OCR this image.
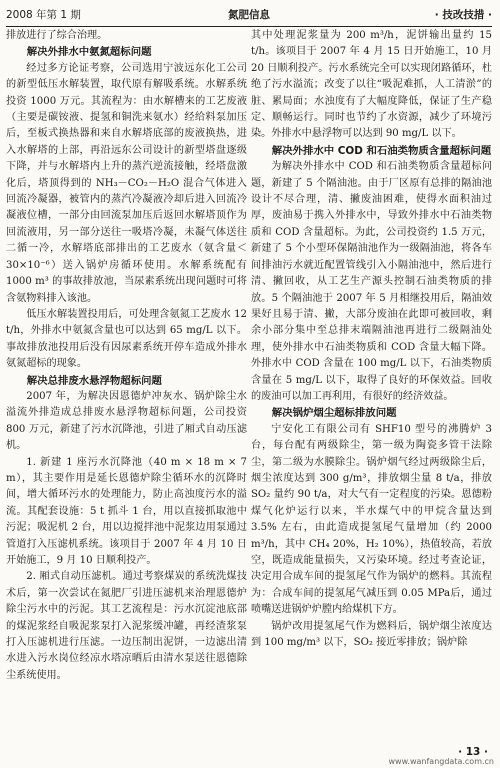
2008 年第 1 期	氮肥信息	· 技改技措 ·

排放进行了综合治理。

解决外排水中氨氮超标问题

经过多方论证考察，公司选用宁波远东化工公司的新型低压水解装置，取代原有解吸系统。水解系统投资 1000 万元。其流程为：由水解槽来的工艺废液（主要是碳铵液、提氢和铜洗来氨水）经给料泵加压后，至板式换热器和来自水解塔底部的废液换热，进入水解塔的上部，再沿远东公司设计的新型塔盘逐级下降，并与水解塔内上升的蒸汽逆流接触，经塔盘激化后，塔顶得到的 NH₃－CO₂－H₂O 混合气体进入回流冷凝器，被管内的蒸汽冷凝液冷却后进入回流冷凝液位槽，一部分由回流泵加压后返回水解塔顶作为回流液用，另一部分送往一吸塔冷凝，未凝气体送往二循一冷，水解塔底部排出的工艺废水（氨含量＜30×10⁻⁶）送入锅炉房循环使用。水解系统配有 1000 m³ 的事故排放池，当尿素系统出现问题时可将含氨物料排入该池。

低压水解装置投用后，可处理含氨氮工艺废水 12 t/h，外排水中氨氮含量也可以达到 65 mg/L 以下。事故排放池投用后没有因尿素系统开停车造成外排水氨氮超标的现象。

解决总排废水悬浮物超标问题

2007 年，为解决因恩德炉冲灰水、锅炉除尘水溢流外排造成总排废水悬浮物超标问题，公司投资 800 万元，新建了污水沉降池，引进了厢式自动压滤机。

1. 新建 1 座污水沉降池（40 m × 18 m × 7 m），其主要作用是延长恩德炉除尘循环水的沉降时间，增大循环污水的处理能力，防止高浊度污水的溢流。其配套设施：5 t 抓斗 1 台，用以直接抓取池中污泥；吸泥机 2 台，用以边搅拌池中泥浆边用泵通过管道打入压滤机系统。该项目于 2007 年 4 月 10 日开始施工，9 月 10 日顺利投产。

2. 厢式自动压滤机。通过考察煤炭的系统洗煤技术后，第一次尝试在氮肥厂引进压滤机来治理恩德炉除尘污水中的污泥。其工艺流程是：污水沉淀池底部的煤泥浆经自吸泥浆泵打入泥浆缓冲罐，再经渣浆泵打入压滤机进行压滤。一边压制出泥饼，一边滤出清水进入污水岗位经凉水塔凉晒后由清水泵送往恩德除尘系统使用。

其中处理泥浆量为 200 m³/h，泥饼输出量约 15 t/h。该项目于 2007 年 4 月 15 日开始施工，10 月 20 日顺利投产。污水系统完全可以实现闭路循环，杜绝了污水溢流；改变了以往“吸泥难抓，人工清淤”的脏、累局面；水浊度有了大幅度降低，保证了生产稳定、顺畅运行。同时也节约了水资源，减少了环境污染。外排水中悬浮物可以达到 90 mg/L 以下。

解决外排水中 COD 和石油类物质含量超标问题

为解决外排水中 COD 和石油类物质含量超标问题，新建了 5 个隔油池。由于厂区原有总排的隔油池设计不尽合理，清、撇废油困难，使得水面积油过厚，废油易于携入外排水中，导致外排水中石油类物质和 COD 含量超标。为此，公司投资约 1.5 万元，新建了 5 个小型环保隔油池作为一级隔油池，将各车间排油污水就近配置管线引入小隔油池中，然后进行清、撇回收，从工艺生产源头控制石油类物质的排放。5 个隔油池于 2007 年 5 月相继投用后，隔油效果好且易于清、撇，大部分废油在此即可被回收，剩余小部分集中至总排末端隔油池再进行二级隔油处理，使外排水中石油类物质和 COD 含量大幅下降。外排水中 COD 含量在 100 mg/L 以下，石油类物质含量在 5 mg/L 以下，取得了良好的环保效益。回收的废油可以加工再利用，有很好的经济效益。

解决锅炉烟尘超标排放问题

宁安化工有限公司有 SHF10 型号的沸腾炉 3 台，每台配有两级除尘，第一级为陶瓷多管干法除尘，第二级为水膜除尘。锅炉烟气经过两级除尘后，烟尘浓度达到 300 g/m³，排放烟尘量 8 t/a，排放 SO₂ 量约 90 t/a，对大气有一定程度的污染。恩德粉煤气化炉运行以来，半水煤气中的甲烷含量达到 3.5% 左右，由此造成提氢尾气量增加（约 2000 m³/h，其中 CH₄ 20%，H₂ 10%），热值较高，若放空，既造成能量损失，又污染环境。经过考查论证，决定用合成车间的提氢尾气作为锅炉的燃料。其流程为：合成车间的提氢尾气减压到 0.05 MPa后，通过喷嘴送进锅炉炉膛内给煤机下方。

锅炉改用提氢尾气作为燃料后，锅炉烟尘浓度达到 100 mg/m³ 以下，SO₂ 接近零排放；锅炉除

· 13 ·
www.wanfangdata.com.cn
